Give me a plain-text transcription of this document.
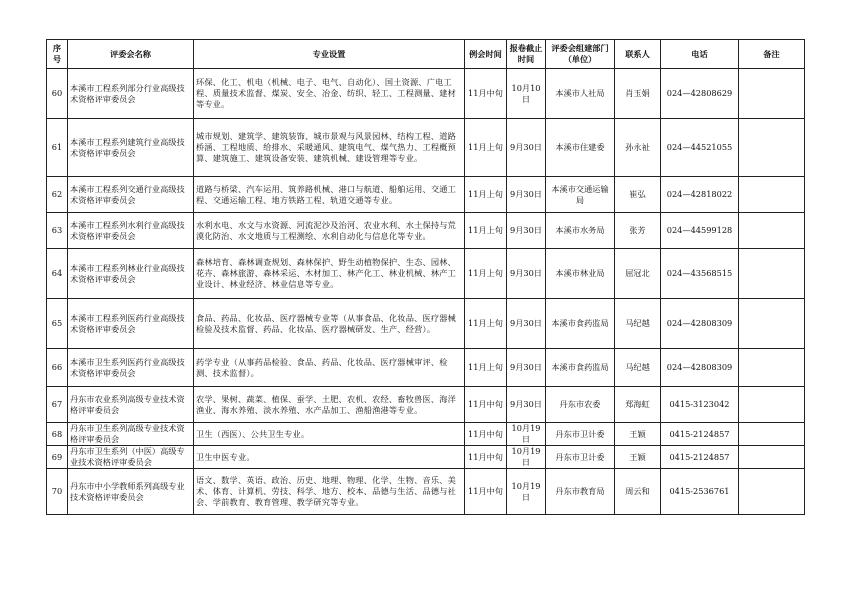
序号	评委会名称	专业设置	例会时间	报卷截止时间	评委会组建部门（单位）	联系人	电话	备注
60	本溪市工程系列部分行业高级技术资格评审委员会	环保、化工、机电（机械、电子、电气、自动化）、国土资源、广电工程、质量技术监督、煤炭、安全、冶金、纺织、轻工、工程测量、建材等专业。	11月中旬	10月10日	本溪市人社局	肖玉娟	024—42808629	
61	本溪市工程系列建筑行业高级技术资格评审委员会	城市规划、建筑学、建筑装饰、城市景观与风景园林、结构工程、道路桥涵、工程地质、给排水、采暖通风、建筑电气、煤气热力、工程概预算、建筑施工、建筑设备安装、建筑机械、建设管理等专业。	11月上旬	9月30日	本溪市住建委	孙永祉	024—44521055	
62	本溪市工程系列交通行业高级技术资格评审委员会	道路与桥梁、汽车运用、筑养路机械、港口与航道、船舶运用、交通工程、交通运输工程、地方铁路工程、轨道交通等专业。	11月上旬	9月30日	本溪市交通运输局	崔弘	024—42818022	
63	本溪市工程系列水利行业高级技术资格评审委员会	水利水电、水文与水资源、河流泥沙及治河、农业水利、水土保持与荒漠化防治、水文地质与工程测绘、水利自动化与信息化等专业。	11月上旬	9月30日	本溪市水务局	张芳	024—44599128	
64	本溪市工程系列林业行业高级技术资格评审委员会	森林培育、森林调查规划、森林保护、野生动植物保护、生态、园林、花卉、森林旅游、森林采运、木材加工、林产化工、林业机械、林产工业设计、林业经济、林业信息等专业。	11月上旬	9月30日	本溪市林业局	屈冠北	024—43568515	
65	本溪市工程系列医药行业高级技术资格评审委员会	食品、药品、化妆品、医疗器械专业等（从事食品、化妆品、医疗器械检验及技术监督、药品、化妆品、医疗器械研发、生产、经营）。	11月上旬	9月30日	本溪市食药监局	马纪越	024—42808309	
66	本溪市卫生系列医药行业高级技术资格评审委员会	药学专业（从事药品检验、食品、药品、化妆品、医疗器械审评、检测、技术监督）。	11月上旬	9月30日	本溪市食药监局	马纪越	024—42808309	
67	丹东市农业系列高级专业技术资格评审委员会	农学、果树、蔬菜、植保、蚕学、土肥、农机、农经、畜牧兽医、海洋渔业、海水养殖、淡水养殖、水产品加工、渔船渔港等专业。	11月中旬	9月30日	丹东市农委	郑海虹	0415-3123042	
68	丹东市卫生系列高级专业技术资格评审委员会	卫生（西医）、公共卫生专业。	11月中旬	10月19日	丹东市卫计委	王颖	0415-2124857	
69	丹东市卫生系列（中医）高级专业技术资格评审委员会	卫生中医专业。	11月中旬	10月19日	丹东市卫计委	王颖	0415-2124857	
70	丹东市中小学教师系列高级专业技术资格评审委员会	语文、数学、英语、政治、历史、地理、物理、化学、生物、音乐、美术、体育、计算机、劳技、科学、地方、校本、品德与生活、品德与社会、学前教育、教育管理、教学研究等专业。	11月中旬	10月19日	丹东市教育局	周云和	0415-2536761	
